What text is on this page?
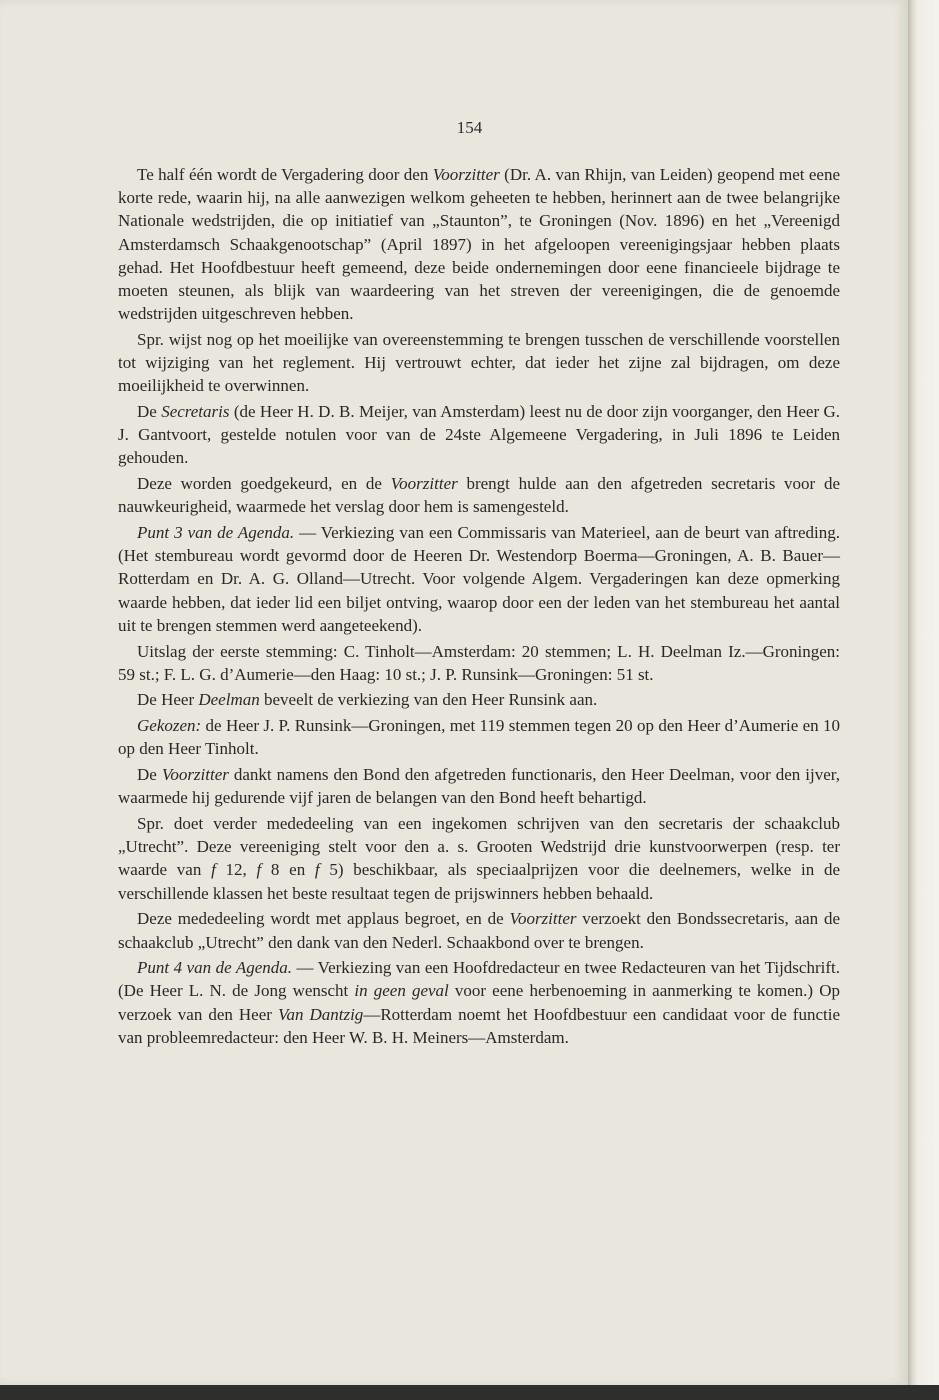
154

Te half één wordt de Vergadering door den Voorzitter (Dr. A. van Rhijn, van Leiden) geopend met eene korte rede, waarin hij, na alle aanwezigen welkom geheeten te hebben, herinnert aan de twee belangrijke Nationale wedstrijden, die op initiatief van „Staunton”, te Groningen (Nov. 1896) en het „Vereenigd Amsterdamsch Schaakgenootschap” (April 1897) in het afgeloopen vereenigingsjaar hebben plaats gehad. Het Hoofdbestuur heeft gemeend, deze beide ondernemingen door eene financieele bijdrage te moeten steunen, als blijk van waardeering van het streven der vereenigingen, die de genoemde wedstrijden uitgeschreven hebben.

Spr. wijst nog op het moeilijke van overeenstemming te brengen tusschen de verschillende voorstellen tot wijziging van het reglement. Hij vertrouwt echter, dat ieder het zijne zal bijdragen, om deze moeilijkheid te overwinnen.

De Secretaris (de Heer H. D. B. Meijer, van Amsterdam) leest nu de door zijn voorganger, den Heer G. J. Gantvoort, gestelde notulen voor van de 24ste Algemeene Vergadering, in Juli 1896 te Leiden gehouden.

Deze worden goedgekeurd, en de Voorzitter brengt hulde aan den afgetreden secretaris voor de nauwkeurigheid, waarmede het verslag door hem is samengesteld.

Punt 3 van de Agenda. — Verkiezing van een Commissaris van Materieel, aan de beurt van aftreding. (Het stembureau wordt gevormd door de Heeren Dr. Westendorp Boerma—Groningen, A. B. Bauer—Rotterdam en Dr. A. G. Olland—Utrecht. Voor volgende Algem. Vergaderingen kan deze opmerking waarde hebben, dat ieder lid een biljet ontving, waarop door een der leden van het stembureau het aantal uit te brengen stemmen werd aangeteekend).

Uitslag der eerste stemming: C. Tinholt—Amsterdam: 20 stemmen; L. H. Deelman Iz.—Groningen: 59 st.; F. L. G. d’Aumerie—den Haag: 10 st.; J. P. Runsink—Groningen: 51 st.

De Heer Deelman beveelt de verkiezing van den Heer Runsink aan.

Gekozen: de Heer J. P. Runsink—Groningen, met 119 stemmen tegen 20 op den Heer d’Aumerie en 10 op den Heer Tinholt.

De Voorzitter dankt namens den Bond den afgetreden functionaris, den Heer Deelman, voor den ijver, waarmede hij gedurende vijf jaren de belangen van den Bond heeft behartigd.

Spr. doet verder mededeeling van een ingekomen schrijven van den secretaris der schaakclub „Utrecht”. Deze vereeniging stelt voor den a. s. Grooten Wedstrijd drie kunstvoorwerpen (resp. ter waarde van f 12, f 8 en f 5) beschikbaar, als speciaalprijzen voor die deelnemers, welke in de verschillende klassen het beste resultaat tegen de prijswinners hebben behaald.

Deze mededeeling wordt met applaus begroet, en de Voorzitter verzoekt den Bondssecretaris, aan de schaakclub „Utrecht” den dank van den Nederl. Schaakbond over te brengen.

Punt 4 van de Agenda. — Verkiezing van een Hoofdredacteur en twee Redacteuren van het Tijdschrift. (De Heer L. N. de Jong wenscht in geen geval voor eene herbenoeming in aanmerking te komen.) Op verzoek van den Heer Van Dantzig—Rotterdam noemt het Hoofdbestuur een candidaat voor de functie van probleemredacteur: den Heer W. B. H. Meiners—Amsterdam.
